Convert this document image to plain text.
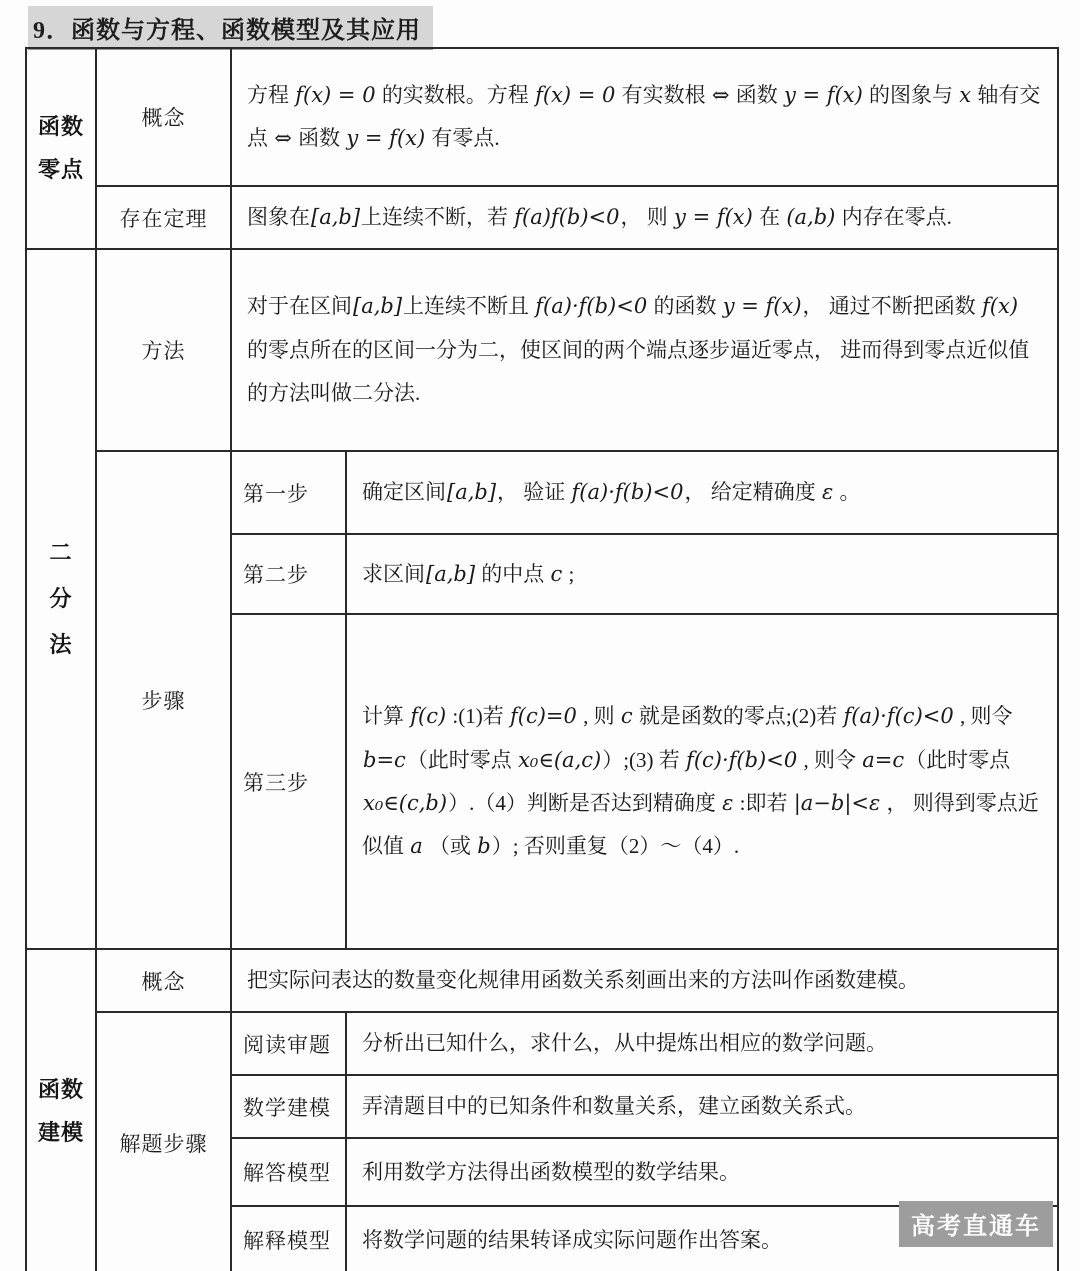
9．函数与方程、函数模型及其应用
函数零点	概念	方程 f(x) = 0 的实数根。方程 f(x) = 0 有实数根 ⇔ 函数 y = f(x) 的图象与 x 轴有交点 ⇔ 函数 y = f(x) 有零点.	
	存在定理	图象在[a,b]上连续不断，若 f(a)f(b)<0， 则 y = f(x) 在 (a,b) 内存在零点.	
二分法	方法	对于在区间[a,b]上连续不断且 f(a)·f(b)<0 的函数 y = f(x)， 通过不断把函数 f(x) 的零点所在的区间一分为二，使区间的两个端点逐步逼近零点， 进而得到零点近似值的方法叫做二分法.	
	步骤	第一步	确定区间[a,b]， 验证 f(a)·f(b)<0， 给定精确度 ε 。
		第二步	求区间[a,b] 的中点 c ;
		第三步	计算 f(c) :(1)若 f(c)=0 , 则 c 就是函数的零点;(2)若 f(a)·f(c)<0 , 则令 b=c（此时零点 x₀∈(a,c)）;(3) 若 f(c)·f(b)<0 , 则令 a=c（此时零点 x₀∈(c,b)）.（4）判断是否达到精确度 ε :即若 |a−b|<ε ， 则得到零点近似值 a （或 b）; 否则重复（2）～（4）.
函数建模	概念	把实际问表达的数量变化规律用函数关系刻画出来的方法叫作函数建模。	
	解题步骤	阅读审题	分析出已知什么，求什么，从中提炼出相应的数学问题。
		数学建模	弄清题目中的已知条件和数量关系，建立函数关系式。
		解答模型	利用数学方法得出函数模型的数学结果。
		解释模型	将数学问题的结果转译成实际问题作出答案。	高考直通车
